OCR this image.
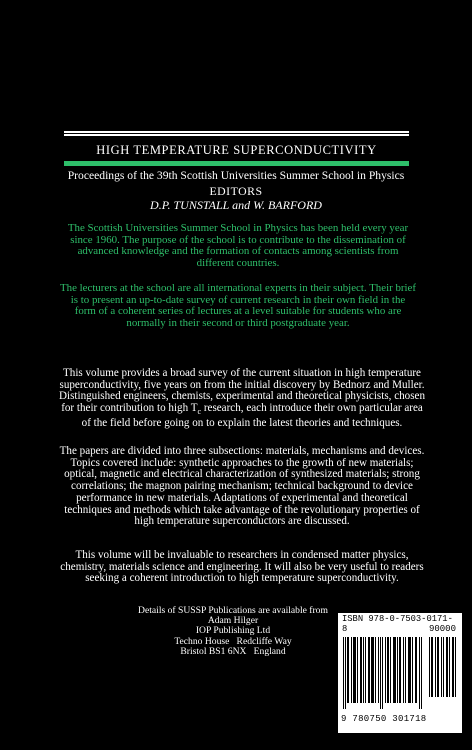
HIGH TEMPERATURE SUPERCONDUCTIVITY
Proceedings of the 39th Scottish Universities Summer School in Physics
EDITORS
D.P. TUNSTALL and W. BARFORD
The Scottish Universities Summer School in Physics has been held every year since 1960. The purpose of the school is to contribute to the dissemination of advanced knowledge and the formation of contacts among scientists from different countries.
The lecturers at the school are all international experts in their subject. Their brief is to present an up-to-date survey of current research in their own field in the form of a coherent series of lectures at a level suitable for students who are normally in their second or third postgraduate year.
This volume provides a broad survey of the current situation in high temperature superconductivity, five years on from the initial discovery by Bednorz and Muller. Distinguished engineers, chemists, experimental and theoretical physicists, chosen for their contribution to high $T_c$ research, each introduce their own particular area of the field before going on to explain the latest theories and techniques.
The papers are divided into three subsections: materials, mechanisms and devices. Topics covered include: synthetic approaches to the growth of new materials; optical, magnetic and electrical characterization of synthesized materials; strong correlations; the magnon pairing mechanism; technical background to device performance in new materials. Adaptations of experimental and theoretical techniques and methods which take advantage of the revolutionary properties of high temperature superconductors are discussed.
This volume will be invaluable to researchers in condensed matter physics, chemistry, materials science and engineering. It will also be very useful to readers seeking a coherent introduction to high temperature superconductivity.
Details of SUSSP Publications are available from
Adam Hilger
IOP Publishing Ltd
Techno House   Redcliffe Way
Bristol BS1 6NX   England
ISBN 978-0-7503-0171-8	90000
9 780750 301718
